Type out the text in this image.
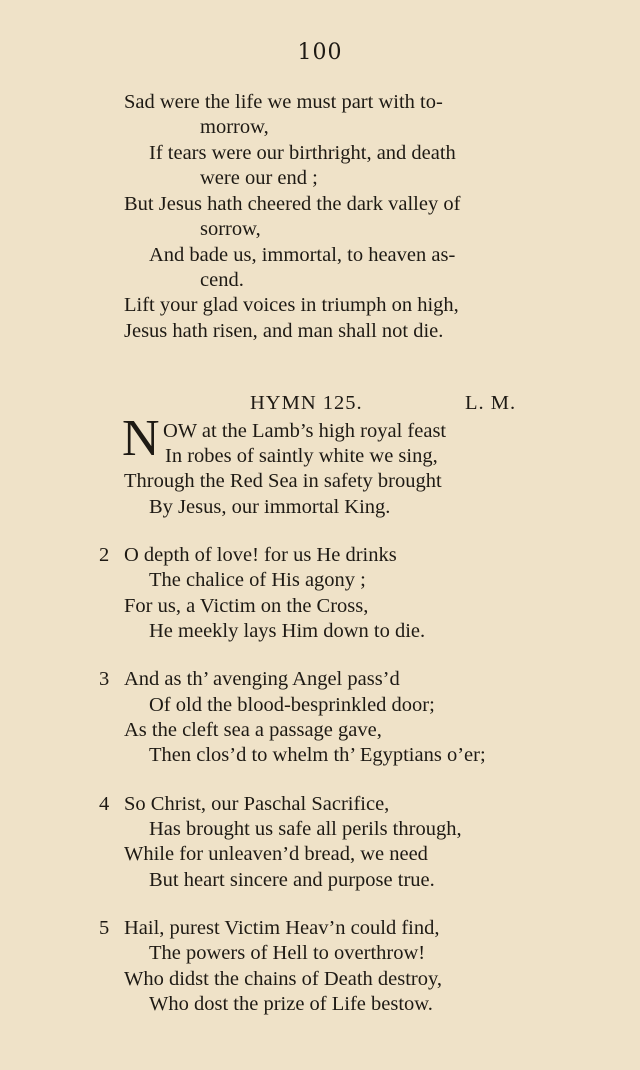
100
Sad were the life we must part with to-
morrow,
If tears were our birthright, and death
were our end ;
But Jesus hath cheered the dark valley of
sorrow,
And bade us, immortal, to heaven as-
cend.
Lift your glad voices in triumph on high,
Jesus hath risen, and man shall not die.
HYMN 125.	L. M.
N OW at the Lamb’s high royal feast
In robes of saintly white we sing,
Through the Red Sea in safety brought
By Jesus, our immortal King.
2 O depth of love! for us He drinks
The chalice of His agony ;
For us, a Victim on the Cross,
He meekly lays Him down to die.
3 And as th’ avenging Angel pass’d
Of old the blood-besprinkled door;
As the cleft sea a passage gave,
Then clos’d to whelm th’ Egyptians o’er;
4 So Christ, our Paschal Sacrifice,
Has brought us safe all perils through,
While for unleaven’d bread, we need
But heart sincere and purpose true.
5 Hail, purest Victim Heav’n could find,
The powers of Hell to overthrow!
Who didst the chains of Death destroy,
Who dost the prize of Life bestow.
